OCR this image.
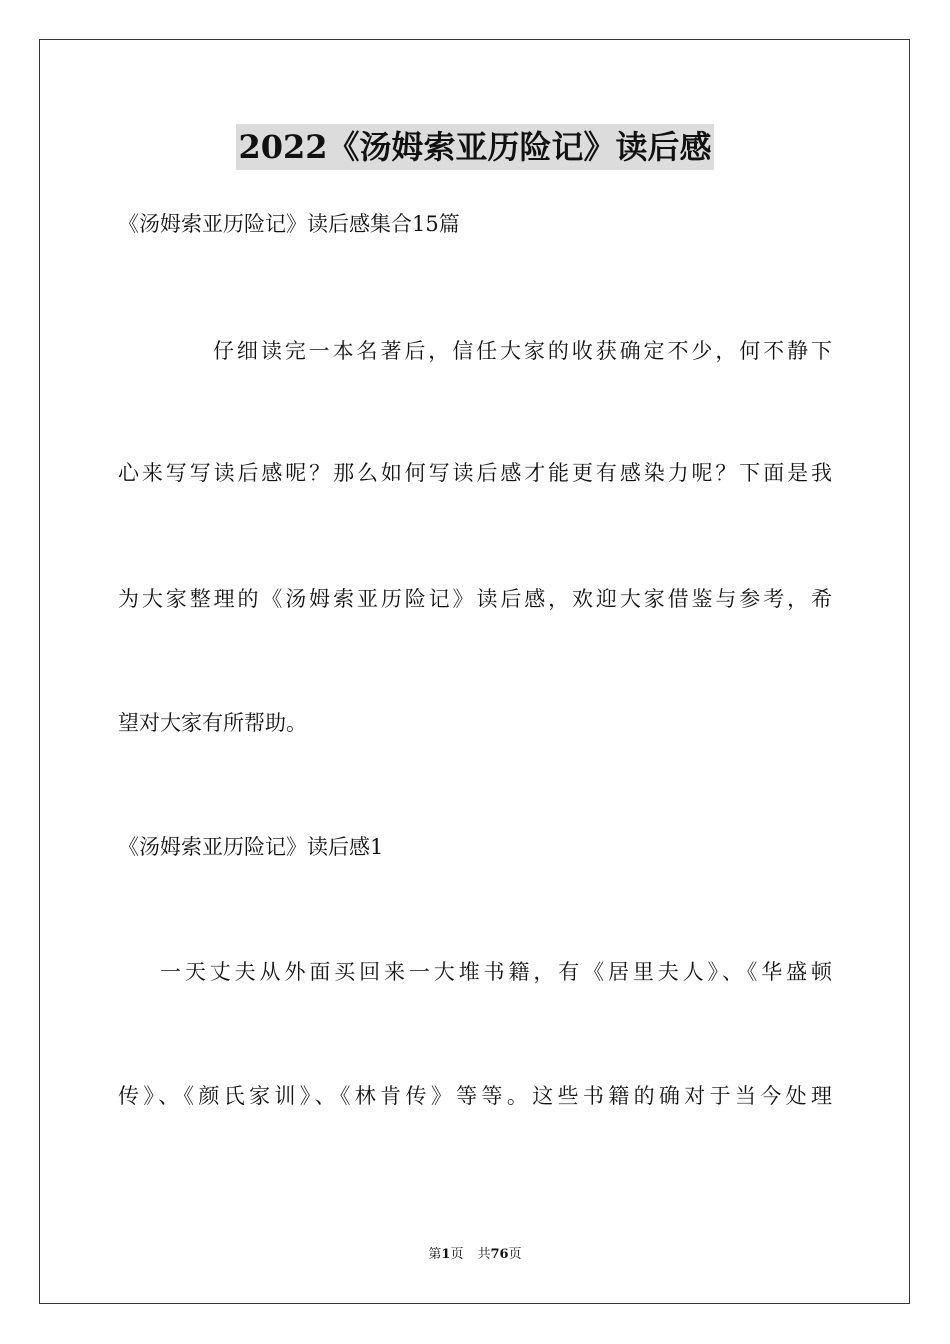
2022《汤姆索亚历险记》读后感
《汤姆索亚历险记》读后感集合15篇
仔细读完一本名著后，信任大家的收获确定不少，何不静下
心来写写读后感呢？那么如何写读后感才能更有感染力呢？下面是我
为大家整理的《汤姆索亚历险记》读后感，欢迎大家借鉴与参考，希
望对大家有所帮助。
《汤姆索亚历险记》读后感1
一天丈夫从外面买回来一大堆书籍，有《居里夫人》、《华盛顿
传》、《颜氏家训》、《林肯传》等等。这些书籍的确对于当今处理
第1页 共76页
